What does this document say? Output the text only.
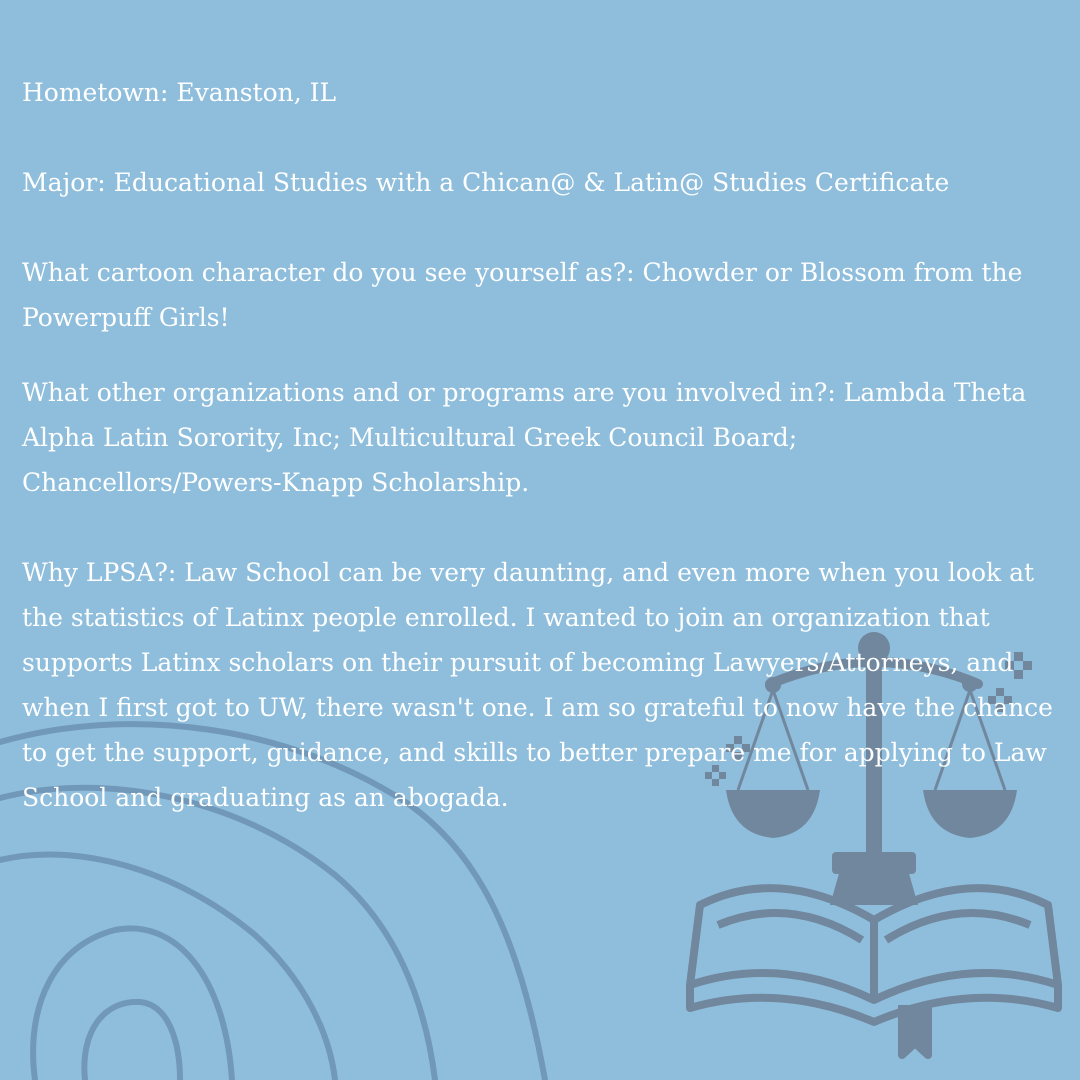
Hometown: Evanston, IL

Major: Educational Studies with a Chican@ & Latin@ Studies Certificate

What cartoon character do you see yourself as?: Chowder or Blossom from the Powerpuff Girls!

What other organizations and or programs are you involved in?: Lambda Theta Alpha Latin Sorority, Inc; Multicultural Greek Council Board; Chancellors/Powers-Knapp Scholarship.

Why LPSA?: Law School can be very daunting, and even more when you look at the statistics of Latinx people enrolled. I wanted to join an organization that supports Latinx scholars on their pursuit of becoming Lawyers/Attorneys, and when I first got to UW, there wasn't one. I am so grateful to now have the chance to get the support, guidance, and skills to better prepare me for applying to Law School and graduating as an abogada.
